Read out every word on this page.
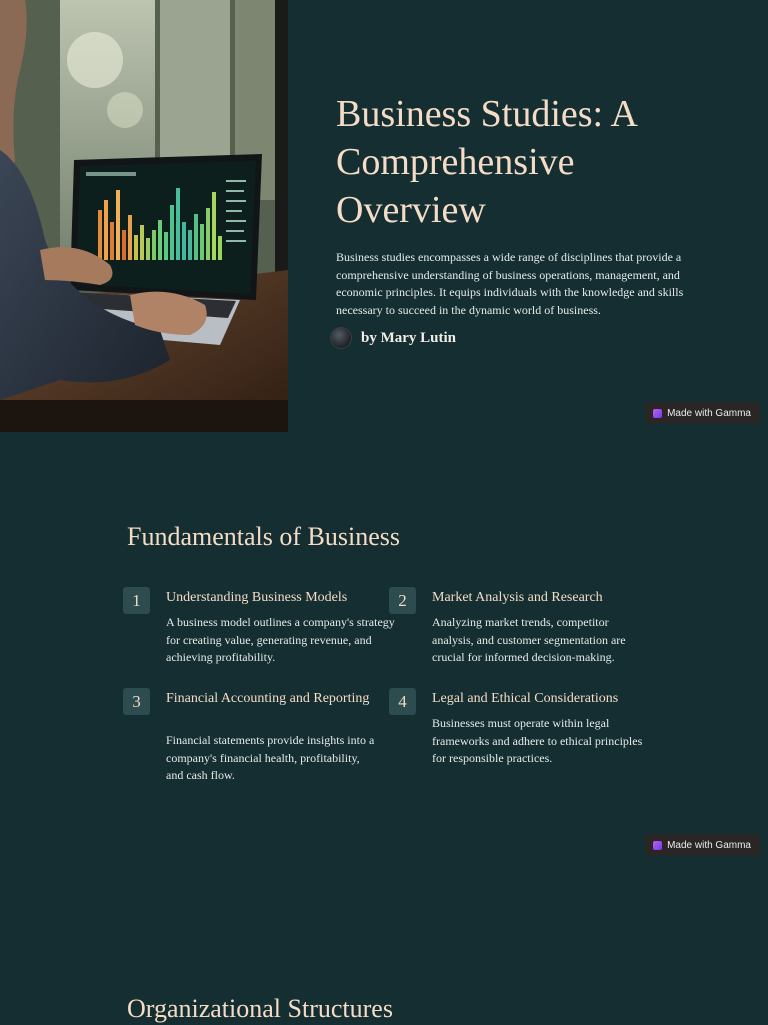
Business Studies: A Comprehensive Overview

Business studies encompasses a wide range of disciplines that provide a comprehensive understanding of business operations, management, and economic principles. It equips individuals with the knowledge and skills necessary to succeed in the dynamic world of business.

by Mary Lutin
Made with Gamma
Fundamentals of Business
1	Understanding Business Models

A business model outlines a company's strategy for creating value, generating revenue, and achieving profitability.

2	Market Analysis and Research

Analyzing market trends, competitor analysis, and customer segmentation are crucial for informed decision-making.

3	Financial Accounting and Reporting

Financial statements provide insights into a company's financial health, profitability, and cash flow.

4	Legal and Ethical Considerations

Businesses must operate within legal frameworks and adhere to ethical principles for responsible practices.

Made with Gamma
Organizational Structures
